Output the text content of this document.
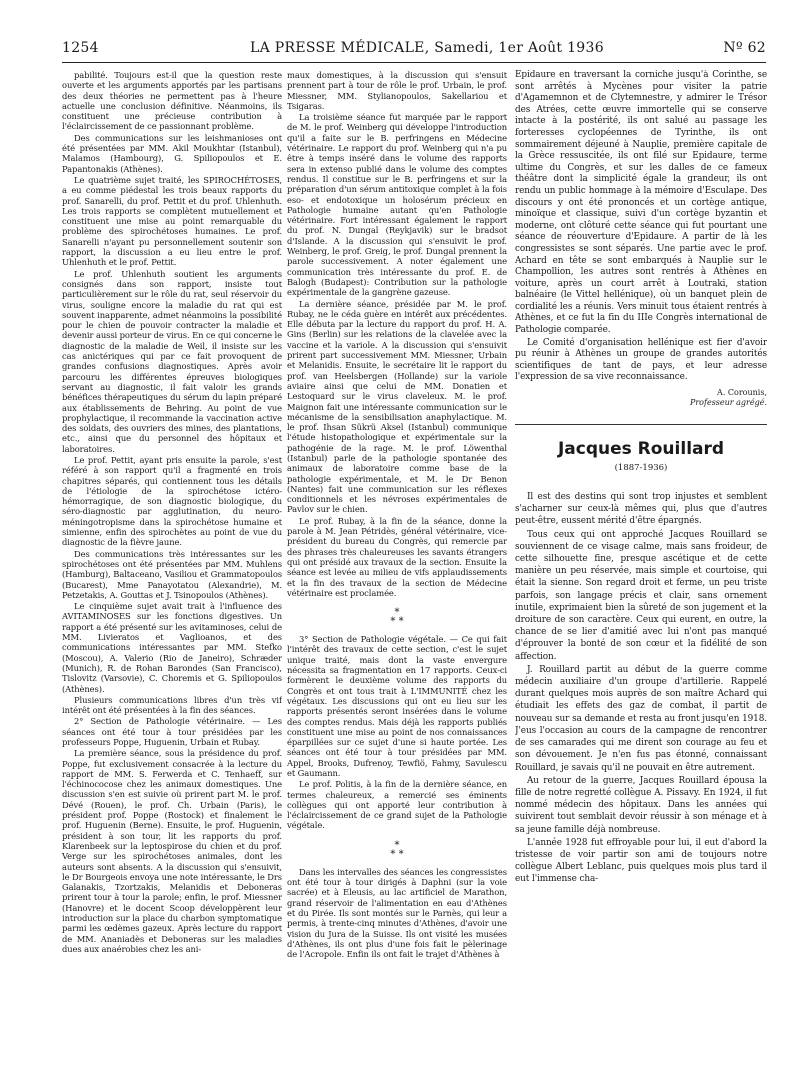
1254	LA PRESSE MÉDICALE, Samedi, 1er Août 1936	Nº 62

pabilité. Toujours est-il que la question reste ouverte et les arguments apportés par les partisans des deux théories ne permettent pas à l'heure actuelle une conclusion définitive. Néanmoins, ils constituent une précieuse contribution à l'éclaircissement de ce passionnant problème.

Des communications sur les leishmanioses ont été présentées par MM. Akil Moukhtar (Istanbul), Malamos (Hambourg), G. Spiliopoulos et E. Papantonakis (Athènes).

Le quatrième sujet traité, les SPIROCHÉTOSES, a eu comme piédestal les trois beaux rapports du prof. Sanarelli, du prof. Pettit et du prof. Uhlenhuth. Les trois rapports se complètent mutuellement et constituent une mise au point remarquable du problème des spirochétoses humaines. Le prof. Sanarelli n'ayant pu personnellement soutenir son rapport, la discussion a eu lieu entre le prof. Uhlenhuth et le prof. Pettit.

Le prof. Uhlenhuth soutient les arguments consignés dans son rapport, insiste tout particulièrement sur le rôle du rat, seul réservoir du virus, souligne encore la maladie du rat qui est souvent inapparente, admet néanmoins la possibilité pour le chien de pouvoir contracter la maladie et devenir aussi porteur de virus. En ce qui concerne le diagnostic de la maladie de Weil, il insiste sur les cas anictériques qui par ce fait provoquent de grandes confusions diagnostiques. Après avoir parcouru les différentes épreuves biologiques servant au diagnostic, il fait valoir les grands bénéfices thérapeutiques du sérum du lapin préparé aux établissements de Behring. Au point de vue prophylactique, il recommande la vaccination active des soldats, des ouvriers des mines, des plantations, etc., ainsi que du personnel des hôpitaux et laboratoires.

Le prof. Pettit, ayant pris ensuite la parole, s'est référé à son rapport qu'il a fragmenté en trois chapitres séparés, qui contiennent tous les détails de l'étiologie de la spirochétose ictéro-hémorragique, de son diagnostic biologique, du séro-diagnostic par agglutination, du neuro-méningotropisme dans la spirochétose humaine et simienne, enfin des spirochètes au point de vue du diagnostic de la fièvre jaune.

Des communications très intéressantes sur les spirochétoses ont été présentées par MM. Muhlens (Hamburg), Baltaceano, Vasiliou et Grammatopoulos (Bucarest), Mme Panayotatou (Alexandrie), M. Petzetakis, A. Gouttas et J. Tsinopoulos (Athènes).

Le cinquième sujet avait trait à l'influence des AVITAMINOSES sur les fonctions digestives. Un rapport a été présenté sur les avitaminoses, celui de MM. Livieratos et Vaglioanos, et des communications intéressantes par MM. Stefko (Moscou), A. Valerio (Rio de Janeiro), Schræder (Munich), R. de Rohan Barondes (San Francisco), Tislovitz (Varsovie), C. Choremis et G. Spiliopoulos (Athènes).

Plusieurs communications libres d'un très vif intérêt ont été présentées à la fin des séances.

2° Section de Pathologie vétérinaire. — Les séances ont été tour à tour présidées par les professeurs Poppe, Huguenin, Urbain et Rubay.

La première séance, sous la présidence du prof. Poppe, fut exclusivement consacrée à la lecture du rapport de MM. S. Ferwerda et C. Tenhaeff, sur l'échinococose chez les animaux domestiques. Une discussion s'en est suivie où prirent part M. le prof. Dévé (Rouen), le prof. Ch. Urbain (Paris), le président prof. Poppe (Rostock) et finalement le prof. Huguenin (Berne). Ensuite, le prof. Huguenin, président à son tour, lit les rapports du prof. Klarenbeek sur la leptospirose du chien et du prof. Verge sur les spirochétoses animales, dont les auteurs sont absents. A la discussion qui s'ensuivit, le Dr Bourgeois envoya une note intéressante, le Drs Galanakis, Tzortzakis, Melanidis et Deboneras prirent tour à tour la parole; enfin, le prof. Miessner (Hanovre) et le docent Scoop développèrent leur introduction sur la place du charbon symptomatique parmi les œdèmes gazeux. Après lecture du rapport de MM. Ananiadès et Deboneras sur les maladies dues aux anaérobies chez les ani-

maux domestiques, à la discussion qui s'ensuit prennent part à tour de rôle le prof. Urbain, le prof. Miessner, MM. Stylianopoulos, Sakellariou et Tsigaras.

La troisième séance fut marquée par le rapport de M. le prof. Weinberg qui développe l'introduction qu'il a faite sur le B. perfringens en Médecine vétérinaire. Le rapport du prof. Weinberg qui n'a pu être à temps inséré dans le volume des rapports sera in extenso publié dans le volume des comptes rendus. Il constitue sur le B. perfringens et sur la préparation d'un sérum antitoxique complet à la fois eso- et endotoxique un holosérum précieux en Pathologie humaine autant qu'en Pathologie vétérinaire. Fort intéressant également le rapport du prof. N. Dungal (Reykjavik) sur le bradsot d'Islande. A la discussion qui s'ensuivit le prof. Weinberg, le prof. Greig, le prof. Dungal prennent la parole successivement. A noter également une communication très intéressante du prof. E. de Balogh (Budapest): Contribution sur la pathologie expérimentale de la gangrène gazeuse.

La dernière séance, présidée par M. le prof. Rubay, ne le céda guère en intérêt aux précédentes. Elle débuta par la lecture du rapport du prof. H. A. Gins (Berlin) sur les relations de la clavelée avec la vaccine et la variole. A la discussion qui s'ensuivit prirent part successivement MM. Miessner, Urbain et Melanidis. Ensuite, le secrétaire lit le rapport du prof. van Heelsbergen (Hollande) sur la variole aviaire ainsi que celui de MM. Donatien et Lestoquard sur le virus claveleux. M. le prof. Maignon fait une intéressante communication sur le mécanisme de la sensibilisation anaphylactique. M. le prof. Ihsan Sükrü Aksel (Istanbul) communique l'étude histopathologique et expérimentale sur la pathogénie de la rage. M. le prof. Löwenthal (Istanbul) parle de la pathologie spontanée des animaux de laboratoire comme base de la pathologie expérimentale, et M. le Dr Benon (Nantes) fait une communication sur les réflexes conditionnels et les névroses expérimentales de Pavlov sur le chien.

Le prof. Rubay, à la fin de la séance, donne la parole à M. Jean Pétridès, général vétérinaire, vice-président du bureau du Congrès, qui remercie par des phrases très chaleureuses les savants étrangers qui ont présidé aux travaux de la section. Ensuite la séance est levée au milieu de vifs applaudissements et la fin des travaux de la section de Médecine vétérinaire est proclamée.

*
* *

3° Section de Pathologie végétale. — Ce qui fait l'intérêt des travaux de cette section, c'est le sujet unique traité, mais dont la vaste envergure nécessita sa fragmentation en 17 rapports. Ceux-ci formèrent le deuxième volume des rapports du Congrès et ont tous trait à L'IMMUNITÉ chez les végétaux. Les discussions qui ont eu lieu sur les rapports présentés seront insérées dans le volume des comptes rendus. Mais déjà les rapports publiés constituent une mise au point de nos connaissances éparpillées sur ce sujet d'une si haute portée. Les séances ont été tour à tour présidées par MM. Appel, Brooks, Dufrenoy, Tewfiö, Fahmy, Savulescu et Gaumann.

Le prof. Politis, à la fin de la dernière séance, en termes chaleureux, a remercié ses éminents collègues qui ont apporté leur contribution à l'éclaircissement de ce grand sujet de la Pathologie végétale.

*
* *

Dans les intervalles des séances les congressistes ont été tour à tour dirigés à Daphni (sur la voie sacrée) et à Eleusis, au lac artificiel de Marathon, grand réservoir de l'alimentation en eau d'Athènes et du Pirée. Ils sont montés sur le Parnès, qui leur a permis, à trente-cinq minutes d'Athènes, d'avoir une vision du Jura de la Suisse. Ils ont visité les musées d'Athènes, ils ont plus d'une fois fait le pèlerinage de l'Acropole. Enfin ils ont fait le trajet d'Athènes à

Epidaure en traversant la corniche jusqu'à Corinthe, se sont arrêtés à Mycènes pour visiter la patrie d'Agamemnon et de Clytemnestre, y admirer le Trésor des Atrées, cette œuvre immortelle qui se conserve intacte à la postérité, ils ont salué au passage les forteresses cyclopéennes de Tyrinthe, ils ont sommairement déjeuné à Nauplie, première capitale de la Grèce ressuscitée, ils ont filé sur Epidaure, terme ultime du Congrès, et sur les dalles de ce fameux théâtre dont la simplicité égale la grandeur, ils ont rendu un public hommage à la mémoire d'Esculape. Des discours y ont été prononcés et un cortège antique, minoïque et classique, suivi d'un cortège byzantin et moderne, ont clôturé cette séance qui fut pourtant une séance de réouverture d'Epidaure. A partir de là les congressistes se sont séparés. Une partie avec le prof. Achard en tête se sont embarqués à Nauplie sur le Champollion, les autres sont rentrés à Athènes en voiture, après un court arrêt à Loutraki, station balnéaire (le Vittel hellénique), où un banquet plein de cordialité les a réunis. Vers minuit tous étaient rentrés à Athènes, et ce fut la fin du IIIe Congrès international de Pathologie comparée.

Le Comité d'organisation hellénique est fier d'avoir pu réunir à Athènes un groupe de grandes autorités scientifiques de tant de pays, et leur adresse l'expression de sa vive reconnaissance.

A. Corounis,
Professeur agrégé.
Jacques Rouillard
(1887-1936)

Il est des destins qui sont trop injustes et semblent s'acharner sur ceux-là mêmes qui, plus que d'autres peut-être, eussent mérité d'être épargnés.

Tous ceux qui ont approché Jacques Rouillard se souviennent de ce visage calme, mais sans froideur, de cette silhouette fine, presque ascétique et de cette manière un peu réservée, mais simple et courtoise, qui était la sienne. Son regard droit et ferme, un peu triste parfois, son langage précis et clair, sans ornement inutile, exprimaient bien la sûreté de son jugement et la droiture de son caractère. Ceux qui eurent, en outre, la chance de se lier d'amitié avec lui n'ont pas manqué d'éprouver la bonté de son cœur et la fidélité de son affection.

J. Rouillard partit au début de la guerre comme médecin auxiliaire d'un groupe d'artillerie. Rappelé durant quelques mois auprès de son maître Achard qui étudiait les effets des gaz de combat, il partit de nouveau sur sa demande et resta au front jusqu'en 1918. J'eus l'occasion au cours de la campagne de rencontrer de ses camarades qui me dirent son courage au feu et son dévouement. Je n'en fus pas étonné, connaissant Rouillard, je savais qu'il ne pouvait en être autrement.

Au retour de la guerre, Jacques Rouillard épousa la fille de notre regretté collègue A. Pissavy. En 1924, il fut nommé médecin des hôpitaux. Dans les années qui suivirent tout semblait devoir réussir à son ménage et à sa jeune famille déjà nombreuse.

L'année 1928 fut effroyable pour lui, il eut d'abord la tristesse de voir partir son ami de toujours notre collègue Albert Leblanc, puis quelques mois plus tard il eut l'immense cha-
